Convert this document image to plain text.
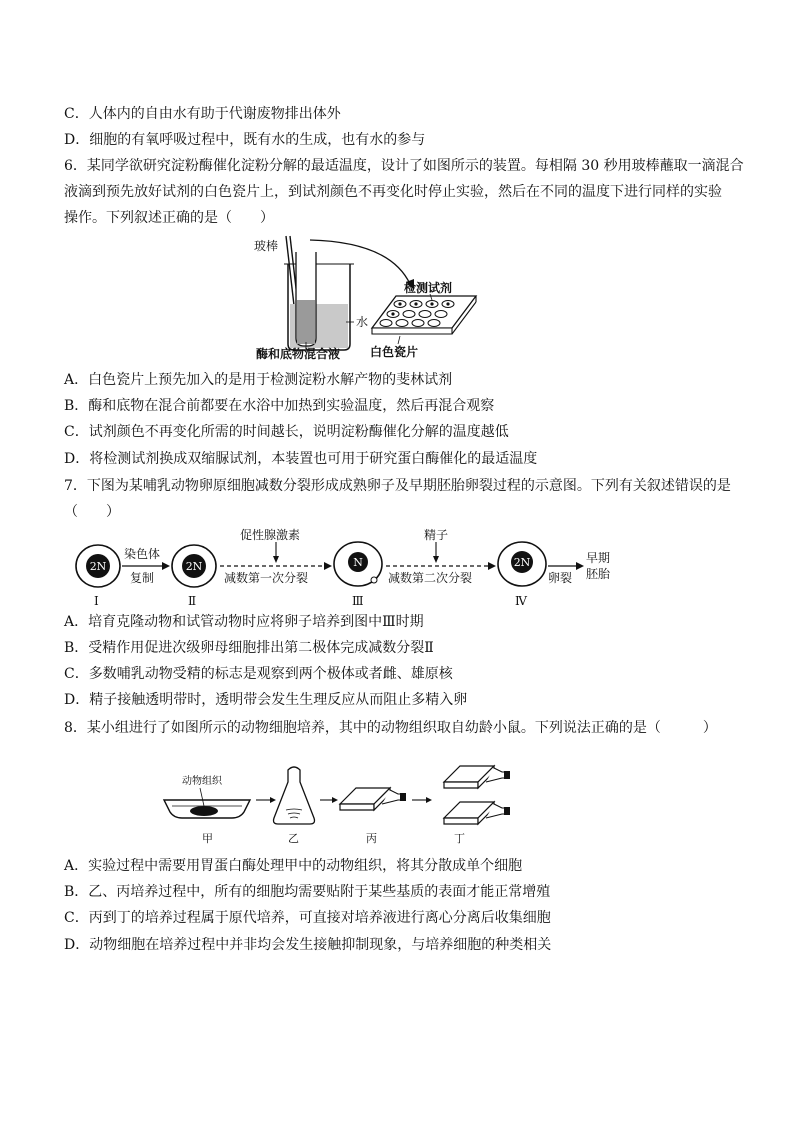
C．人体内的自由水有助于代谢废物排出体外
D．细胞的有氧呼吸过程中，既有水的生成，也有水的参与
6．某同学欲研究淀粉酶催化淀粉分解的最适温度，设计了如图所示的装置。每相隔 30 秒用玻棒蘸取一滴混合
液滴到预先放好试剂的白色瓷片上，到试剂颜色不再变化时停止实验，然后在不同的温度下进行同样的实验
操作。下列叙述正确的是（　　）
玻棒
水
酶和底物混合液
检测试剂
白色瓷片
A．白色瓷片上预先加入的是用于检测淀粉水解产物的斐林试剂
B．酶和底物在混合前都要在水浴中加热到实验温度，然后再混合观察
C．试剂颜色不再变化所需的时间越长，说明淀粉酶催化分解的温度越低
D．将检测试剂换成双缩脲试剂，本装置也可用于研究蛋白酶催化的最适温度
7．下图为某哺乳动物卵原细胞减数分裂形成成熟卵子及早期胚胎卵裂过程的示意图。下列有关叙述错误的是
（　　）
2N
Ⅰ
染色体
复制
2N
Ⅱ
促性腺激素
减数第一次分裂
N
Ⅲ
精子
减数第二次分裂
2N
Ⅳ
卵裂
早期
胚胎
A．培育克隆动物和试管动物时应将卵子培养到图中Ⅲ时期
B．受精作用促进次级卵母细胞排出第二极体完成减数分裂Ⅱ
C．多数哺乳动物受精的标志是观察到两个极体或者雌、雄原核
D．精子接触透明带时，透明带会发生生理反应从而阻止多精入卵
8．某小组进行了如图所示的动物细胞培养，其中的动物组织取自幼龄小鼠。下列说法正确的是（　　　）
动物组织
甲	乙	丙	丁
A．实验过程中需要用胃蛋白酶处理甲中的动物组织，将其分散成单个细胞
B．乙、丙培养过程中，所有的细胞均需要贴附于某些基质的表面才能正常增殖
C．丙到丁的培养过程属于原代培养，可直接对培养液进行离心分离后收集细胞
D．动物细胞在培养过程中并非均会发生接触抑制现象，与培养细胞的种类相关
